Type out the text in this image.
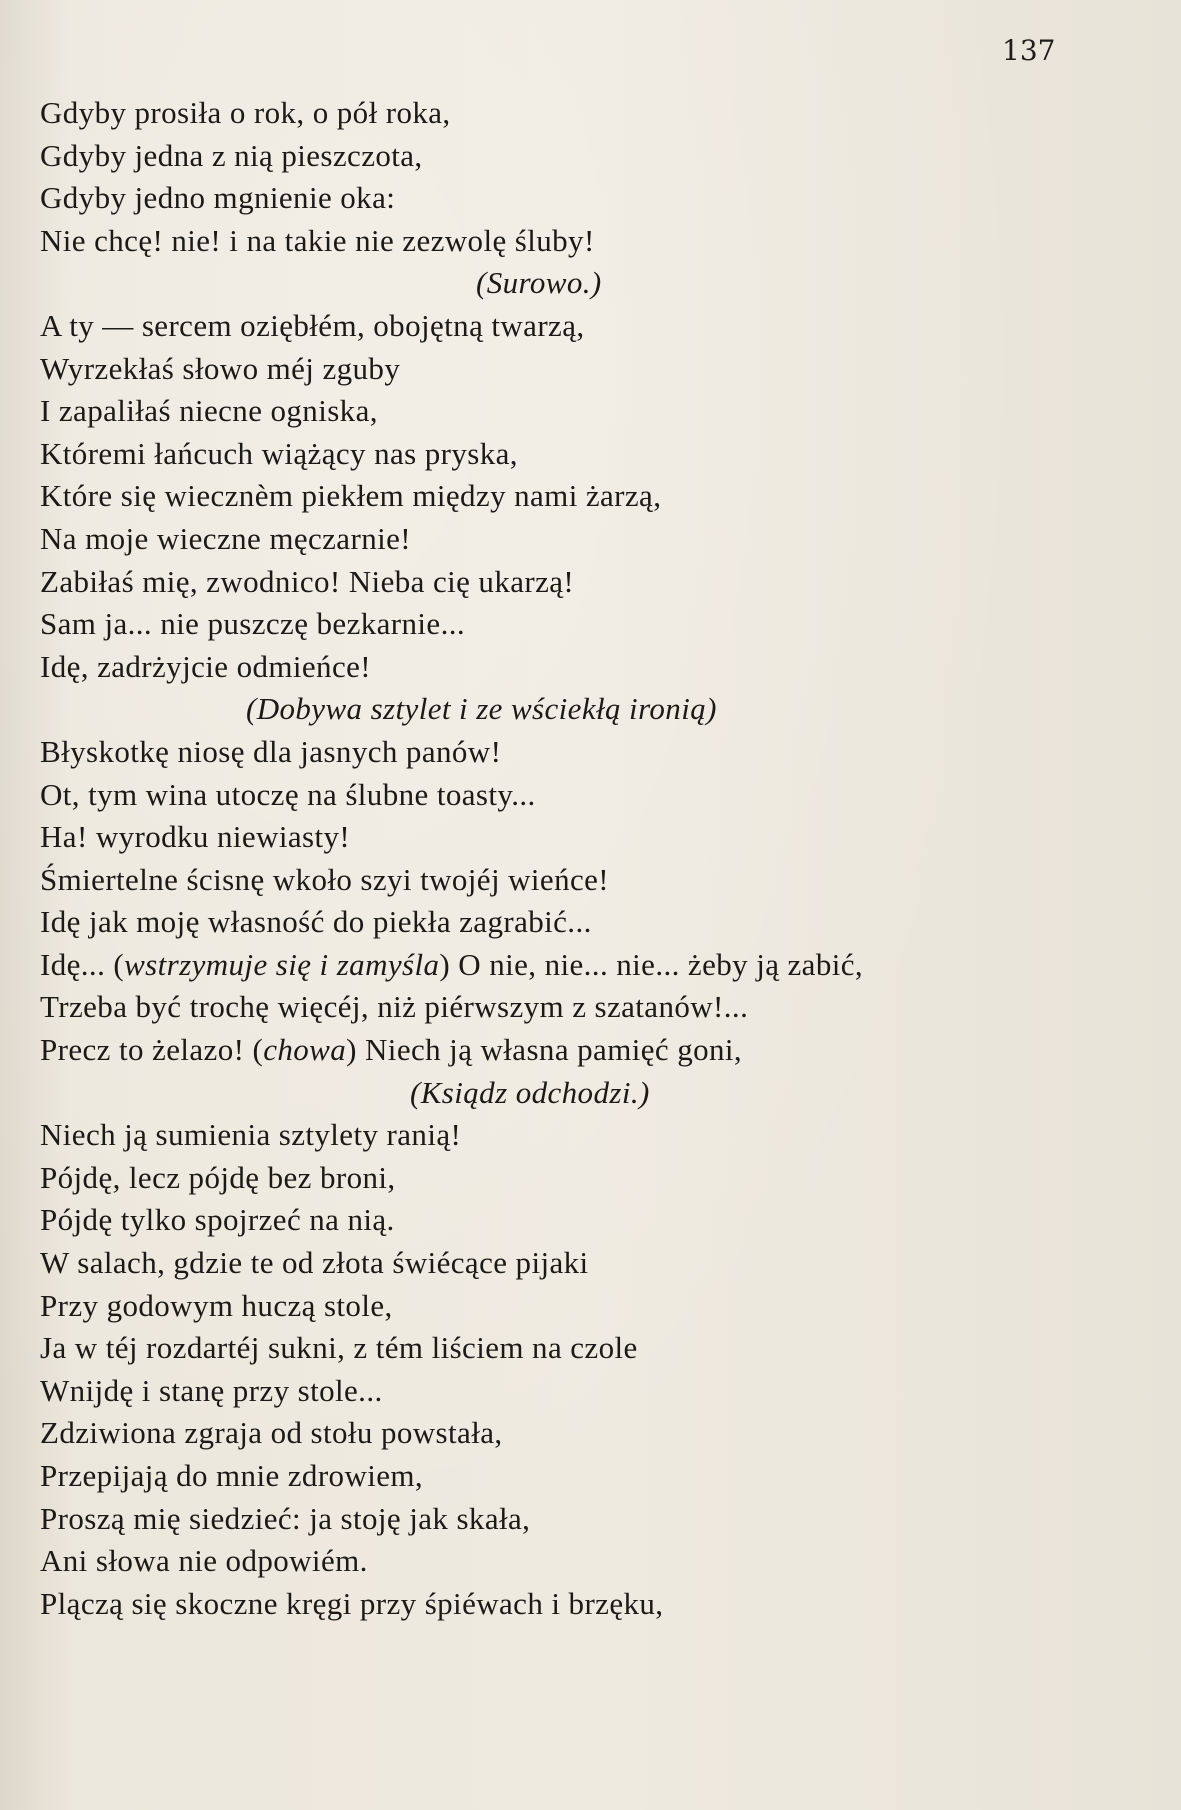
137
Gdyby prosiła o rok, o pół roka,
Gdyby jedna z nią pieszczota,
Gdyby jedno mgnienie oka:
Nie chcę! nie! i na takie nie zezwolę śluby!
(Surowo.)
A ty — sercem oziębłém, obojętną twarzą,
Wyrzekłaś słowo méj zguby
I zapaliłaś niecne ogniska,
Któremi łańcuch wiążący nas pryska,
Które się wiecznèm piekłem między nami żarzą,
Na moje wieczne męczarnie!
Zabiłaś mię, zwodnico! Nieba cię ukarzą!
Sam ja... nie puszczę bezkarnie...
Idę, zadrżyjcie odmieńce!
(Dobywa sztylet i ze wściekłą ironią)
Błyskotkę niosę dla jasnych panów!
Ot, tym wina utoczę na ślubne toasty...
Ha! wyrodku niewiasty!
Śmiertelne ścisnę wkoło szyi twojéj wieńce!
Idę jak moję własność do piekła zagrabić...
Idę... (wstrzymuje się i zamyśla) O nie, nie... nie... żeby ją zabić,
Trzeba być trochę więcéj, niż piérwszym z szatanów!...
Precz to żelazo! (chowa) Niech ją własna pamięć goni,
(Ksiądz odchodzi.)
Niech ją sumienia sztylety ranią!
Pójdę, lecz pójdę bez broni,
Pójdę tylko spojrzeć na nią.
W salach, gdzie te od złota świécące pijaki
Przy godowym huczą stole,
Ja w téj rozdartéj sukni, z tém liściem na czole
Wnijdę i stanę przy stole...
Zdziwiona zgraja od stołu powstała,
Przepijają do mnie zdrowiem,
Proszą mię siedzieć: ja stoję jak skała,
Ani słowa nie odpowiém.
Plączą się skoczne kręgi przy śpiéwach i brzęku,
